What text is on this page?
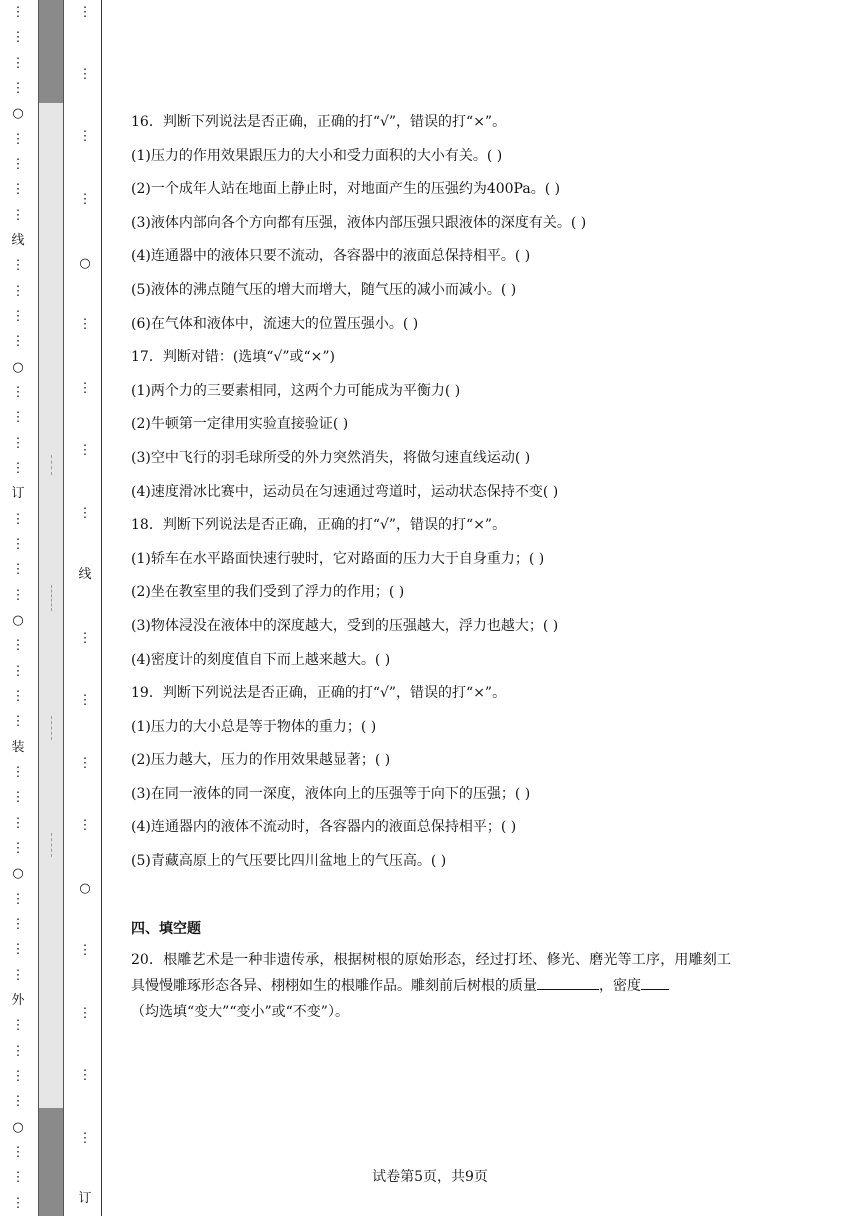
⋮
⋮
⋮
⋮
○
⋮
⋮
⋮
⋮
线
⋮
⋮
⋮
⋮
○
⋮
⋮
⋮
⋮
订
⋮
⋮
⋮
⋮
○
⋮
⋮
⋮
⋮
装
⋮
⋮
⋮
⋮
○
⋮
⋮
⋮
⋮
外
⋮
⋮
⋮
⋮
○
⋮
⋮
⋮
⋮
⋮
⋮
⋮
○
⋮
⋮
⋮
⋮
线
⋮
⋮
⋮
⋮
○
⋮
⋮
⋮
⋮
订
16．判断下列说法是否正确，正确的打“√”，错误的打“×”。
(1)压力的作用效果跟压力的大小和受力面积的大小有关。( )
(2)一个成年人站在地面上静止时，对地面产生的压强约为400Pa。( )
(3)液体内部向各个方向都有压强，液体内部压强只跟液体的深度有关。( )
(4)连通器中的液体只要不流动，各容器中的液面总保持相平。( )
(5)液体的沸点随气压的增大而增大，随气压的减小而减小。( )
(6)在气体和液体中，流速大的位置压强小。( )
17．判断对错：(选填“√”或“×”)
(1)两个力的三要素相同，这两个力可能成为平衡力( )
(2)牛顿第一定律用实验直接验证( )
(3)空中飞行的羽毛球所受的外力突然消失，将做匀速直线运动( )
(4)速度滑冰比赛中，运动员在匀速通过弯道时，运动状态保持不变( )
18．判断下列说法是否正确，正确的打“√”，错误的打“×”。
(1)轿车在水平路面快速行驶时，它对路面的压力大于自身重力；( )
(2)坐在教室里的我们受到了浮力的作用；( )
(3)物体浸没在液体中的深度越大，受到的压强越大，浮力也越大；( )
(4)密度计的刻度值自下而上越来越大。( )
19．判断下列说法是否正确，正确的打“√”，错误的打“×”。
(1)压力的大小总是等于物体的重力；( )
(2)压力越大，压力的作用效果越显著；( )
(3)在同一液体的同一深度，液体向上的压强等于向下的压强；( )
(4)连通器内的液体不流动时，各容器内的液面总保持相平；( )
(5)青藏高原上的气压要比四川盆地上的气压高。( )
四、填空题
20．根雕艺术是一种非遗传承，根据树根的原始形态，经过打坯、修光、磨光等工序，用雕刻工具慢慢雕琢形态各异、栩栩如生的根雕作品。雕刻前后树根的质量	，密度
（均选填“变大”“变小”或“不变”）。
试卷第5页，共9页
